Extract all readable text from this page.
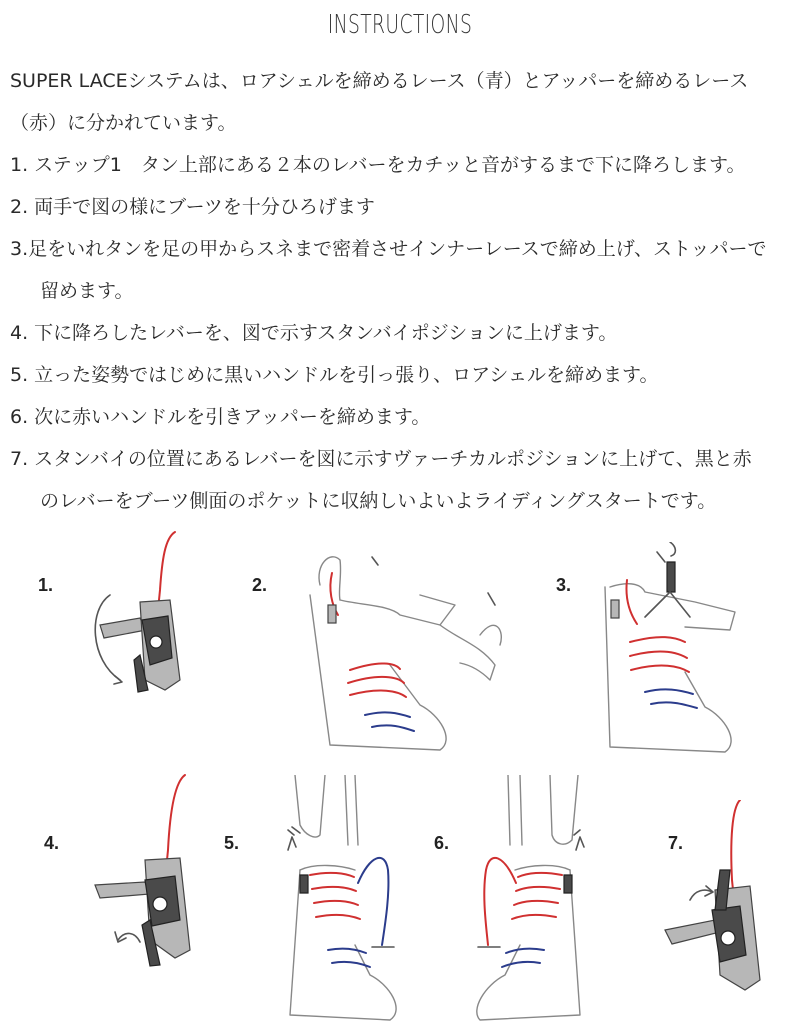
INSTRUCTIONS
SUPER LACEシステムは、ロアシェルを締めるレース（青）とアッパーを締めるレース（赤）に分かれています。
1. ステップ1　タン上部にある２本のレバーをカチッと音がするまで下に降ろします。
2. 両手で図の様にブーツを十分ひろげます
3.足をいれタンを足の甲からスネまで密着させインナーレースで締め上げ、ストッパーで
留めます。
4. 下に降ろしたレバーを、図で示すスタンバイポジションに上げます。
5. 立った姿勢ではじめに黒いハンドルを引っ張り、ロアシェルを締めます。
6. 次に赤いハンドルを引きアッパーを締めます。
7. スタンバイの位置にあるレバーを図に示すヴァーチカルポジションに上げて、黒と赤
のレバーをブーツ側面のポケットに収納しいよいよライディングスタートです。
1.	2.	3.
4.	5.	6.	7.
